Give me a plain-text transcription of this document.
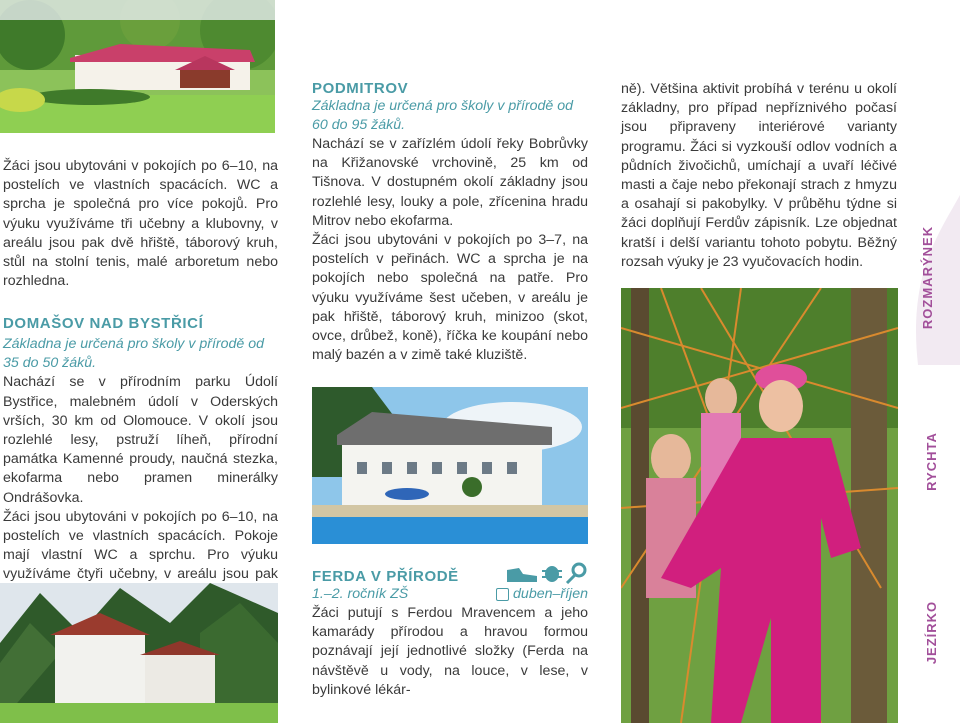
Žáci jsou ubytováni v pokojích po 6–10, na postelích ve vlastních spacácích. WC a sprcha je společná pro více pokojů. Pro výuku využíváme tři učebny a klubovny, v areálu jsou pak dvě hřiště, táborový kruh, stůl na stolní tenis, malé arboretum nebo rozhledna.

DOMAŠOV NAD BYSTŘICÍ

Základna je určená pro školy v přírodě od 35 do 50 žáků.

Nachází se v přírodním parku Údolí Bystřice, malebném údolí v Oderských vrších, 30 km od Olomouce. V okolí jsou rozlehlé lesy, pstruží líheň, přírodní památka Kamenné proudy, naučná stezka, ekofarma nebo pramen minerálky Ondrášovka.

Žáci jsou ubytováni v pokojích po 6–10, na postelích ve vlastních spacácích. Pokoje mají vlastní WC a sprchu. Pro výuku využíváme čtyři učebny, v areálu jsou pak

PODMITROV

Základna je určená pro školy v přírodě od 60 do 95 žáků.

Nachází se v zařízlém údolí řeky Bobrůvky na Křižanovské vrchovině, 25 km od Tišnova. V dostupném okolí základny jsou rozlehlé lesy, louky a pole, zřícenina hradu Mitrov nebo ekofarma.

Žáci jsou ubytováni v pokojích po 3–7, na postelích v peřinách. WC a sprcha je na pokojích nebo společná na patře. Pro výuku využíváme šest učeben, v areálu je pak hřiště, táborový kruh, minizoo (skot, ovce, drůbež, koně), říčka ke koupání nebo malý bazén a v zimě také kluziště.

FERDA V PŘÍRODĚ

1.–2. ročník ZŠ	duben–říjen

Žáci putují s Ferdou Mravencem a jeho kamarády přírodou a hravou formou poznávají její jednotlivé složky (Ferda na návštěvě u vody, na louce, v lese, v bylinkové lékár-

ně). Většina aktivit probíhá v terénu u okolí základny, pro případ nepříznivého počasí jsou připraveny interiérové varianty programu. Žáci si vyzkouší odlov vodních a půdních živočichů, umíchají a uvaří léčivé masti a čaje nebo překonají strach z hmyzu a osahají si pakobylky. V průběhu týdne si žáci doplňují Ferdův zápisník. Lze objednat kratší i delší variantu tohoto pobytu. Běžný rozsah výuky je 23 vyučovacích hodin.	ROZMARÝNEK
RYCHTA
JEZÍRKO
